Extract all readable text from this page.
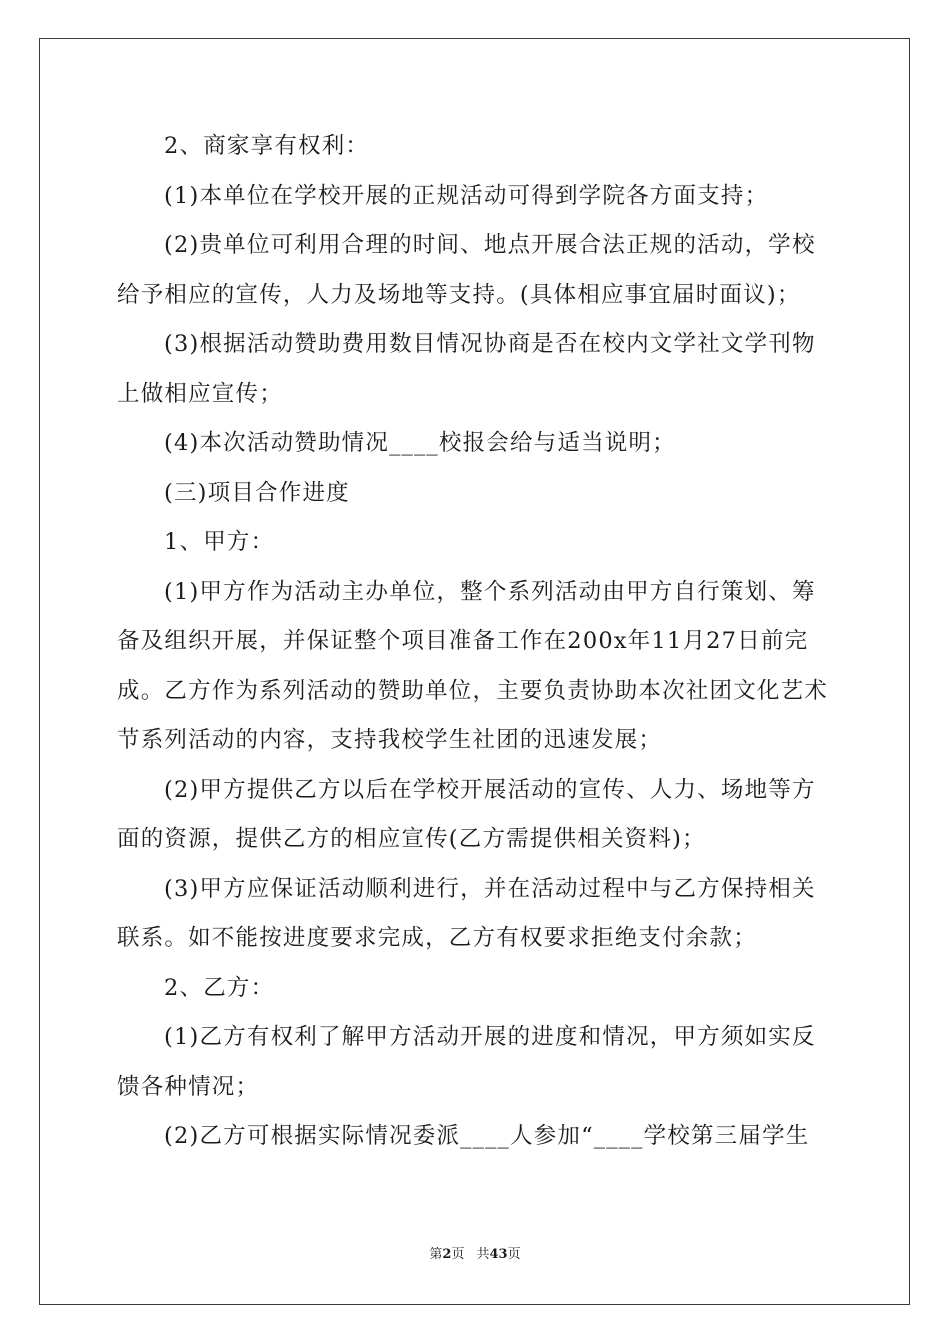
2、商家享有权利：
(1)本单位在学校开展的正规活动可得到学院各方面支持；
(2)贵单位可利用合理的时间、地点开展合法正规的活动，学校
给予相应的宣传，人力及场地等支持。(具体相应事宜届时面议)；
(3)根据活动赞助费用数目情况协商是否在校内文学社文学刊物
上做相应宣传；
(4)本次活动赞助情况____校报会给与适当说明；
(三)项目合作进度
1、甲方：
(1)甲方作为活动主办单位，整个系列活动由甲方自行策划、筹
备及组织开展，并保证整个项目准备工作在200x年11月27日前完
成。乙方作为系列活动的赞助单位，主要负责协助本次社团文化艺术
节系列活动的内容，支持我校学生社团的迅速发展；
(2)甲方提供乙方以后在学校开展活动的宣传、人力、场地等方
面的资源，提供乙方的相应宣传(乙方需提供相关资料)；
(3)甲方应保证活动顺利进行，并在活动过程中与乙方保持相关
联系。如不能按进度要求完成，乙方有权要求拒绝支付余款；
2、乙方：
(1)乙方有权利了解甲方活动开展的进度和情况，甲方须如实反
馈各种情况；
(2)乙方可根据实际情况委派____人参加“____学校第三届学生
第2页 共43页
